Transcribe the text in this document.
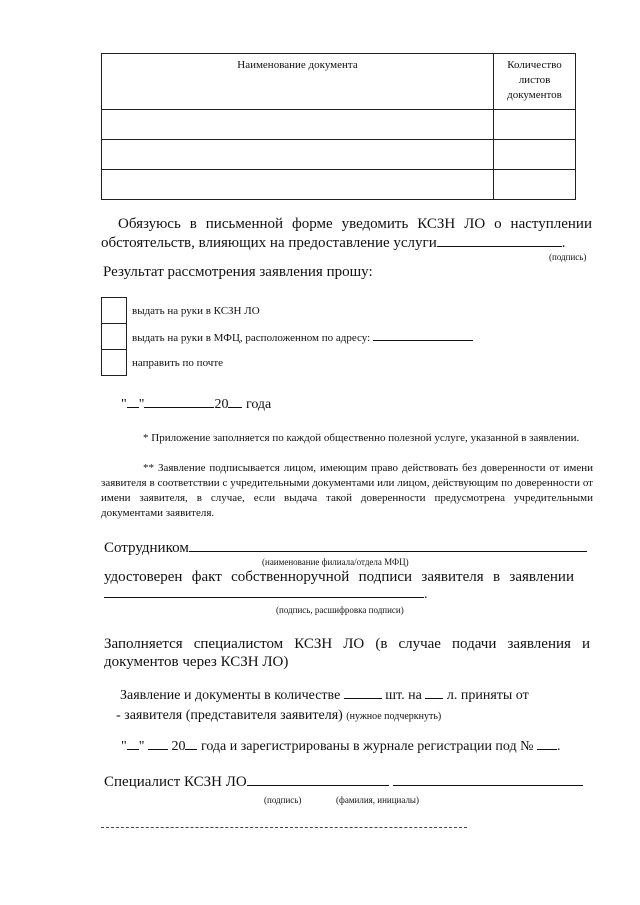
Наименование документа	Количество
листов
документов

Обязуюсь в письменной форме уведомить КСЗН ЛО о наступлении
обстоятельств, влияющих на предоставление услуги	.
(подпись)
Результат рассмотрения заявления прошу:
выдать на руки в КСЗН ЛО
выдать на руки в МФЦ, расположенном по адресу:
направить по почте
" "	20 года
* Приложение заполняется по каждой общественно полезной услуге, указанной в заявлении.
** Заявление подписывается лицом, имеющим право действовать без доверенности от имени заявителя в соответствии с учредительными документами или лицом, действующим по доверенности от имени заявителя, в случае, если выдача такой доверенности предусмотрена учредительными документами заявителя.
Сотрудником
(наименование филиала/отдела МФЦ)
удостоверен факт собственноручной подписи заявителя в заявлении
.
(подпись, расшифровка подписи)
Заполняется специалистом КСЗН ЛО (в случае подачи заявления и
документов через КСЗН ЛО)
Заявление и документы в количестве	шт. на л. приняты от
- заявителя (представителя заявителя) (нужное подчеркнуть)
" " 20 года и зарегистрированы в журнале регистрации под № .
Специалист КСЗН ЛО
(подпись)	(фамилия, инициалы)
